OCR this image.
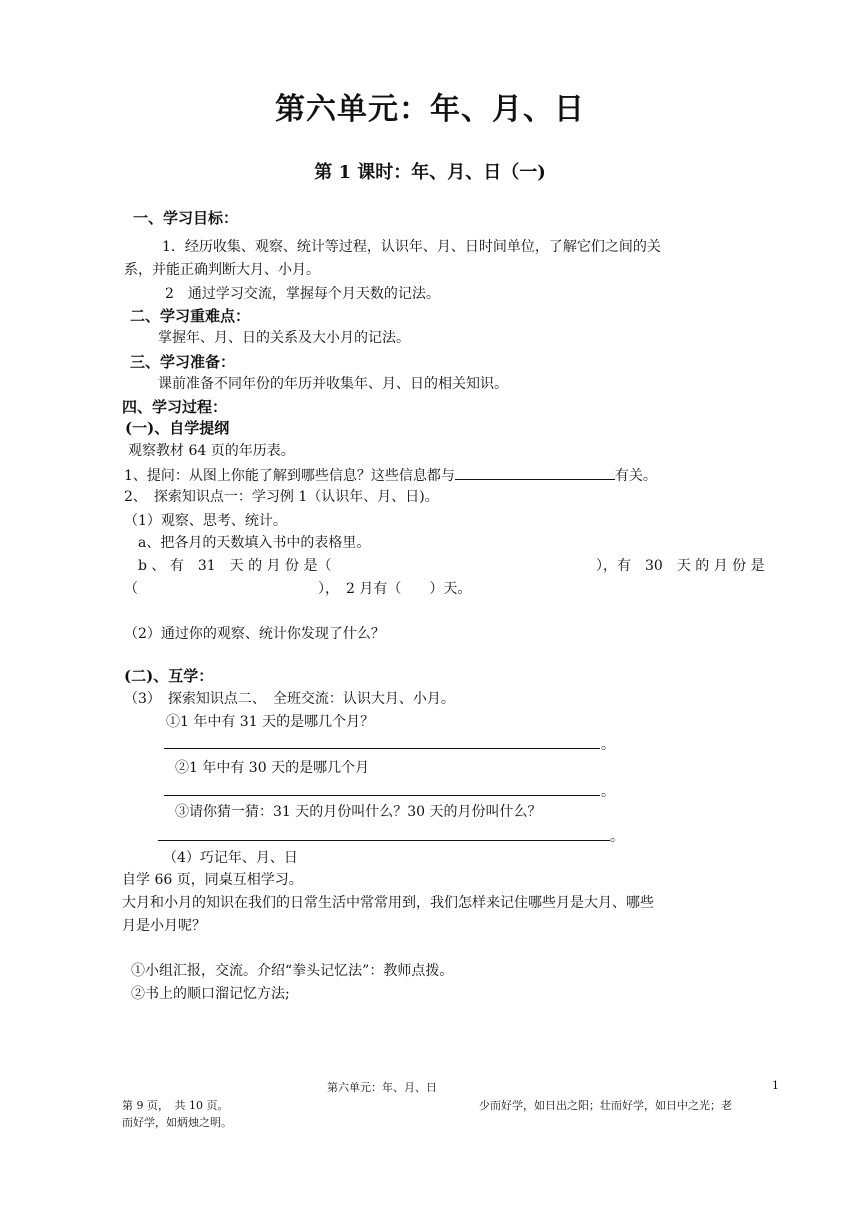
第六单元：年、月、日
第 1 课时：年、月、日（一)
一、学习目标：
1．经历收集、观察、统计等过程，认识年、月、日时间单位，了解它们之间的关
系，并能正确判断大月、小月。
2　通过学习交流，掌握每个月天数的记法。
二、学习重难点：
掌握年、月、日的关系及大小月的记法。
三、学习准备：
课前准备不同年份的年历并收集年、月、日的相关知识。
四、学习过程：
(一)、自学提纲
观察教材 64 页的年历表。
1、提问：从图上你能了解到哪些信息？这些信息都与	有关。
2、　探索知识点一：学习例 1（认识年、月、日)。
（1）观察、思考、统计。
a、把各月的天数填入书中的表格里。
b 、 有　31　天 的 月 份 是（	），有　30　天 的 月 份 是
（	），　2 月有（　　）天。
（2）通过你的观察、统计你发现了什么？
(二)、互学：
（3）　探索知识点二、　全班交流：认识大月、小月。
①1 年中有 31 天的是哪几个月？
。
②1 年中有 30 天的是哪几个月
。
③请你猜一猜：31 天的月份叫什么？30 天的月份叫什么？
。
（4）巧记年、月、日
自学 66 页，同桌互相学习。
大月和小月的知识在我们的日常生活中常常用到，我们怎样来记住哪些月是大月、哪些
月是小月呢？
①小组汇报，交流。介绍“拳头记忆法”：教师点拨。
②书上的顺口溜记忆方法;
第六单元：年、月、日	1
第 9 页，　共 10 页。	少而好学，如日出之阳；壮而好学，如日中之光；老
而好学，如炳烛之明。
